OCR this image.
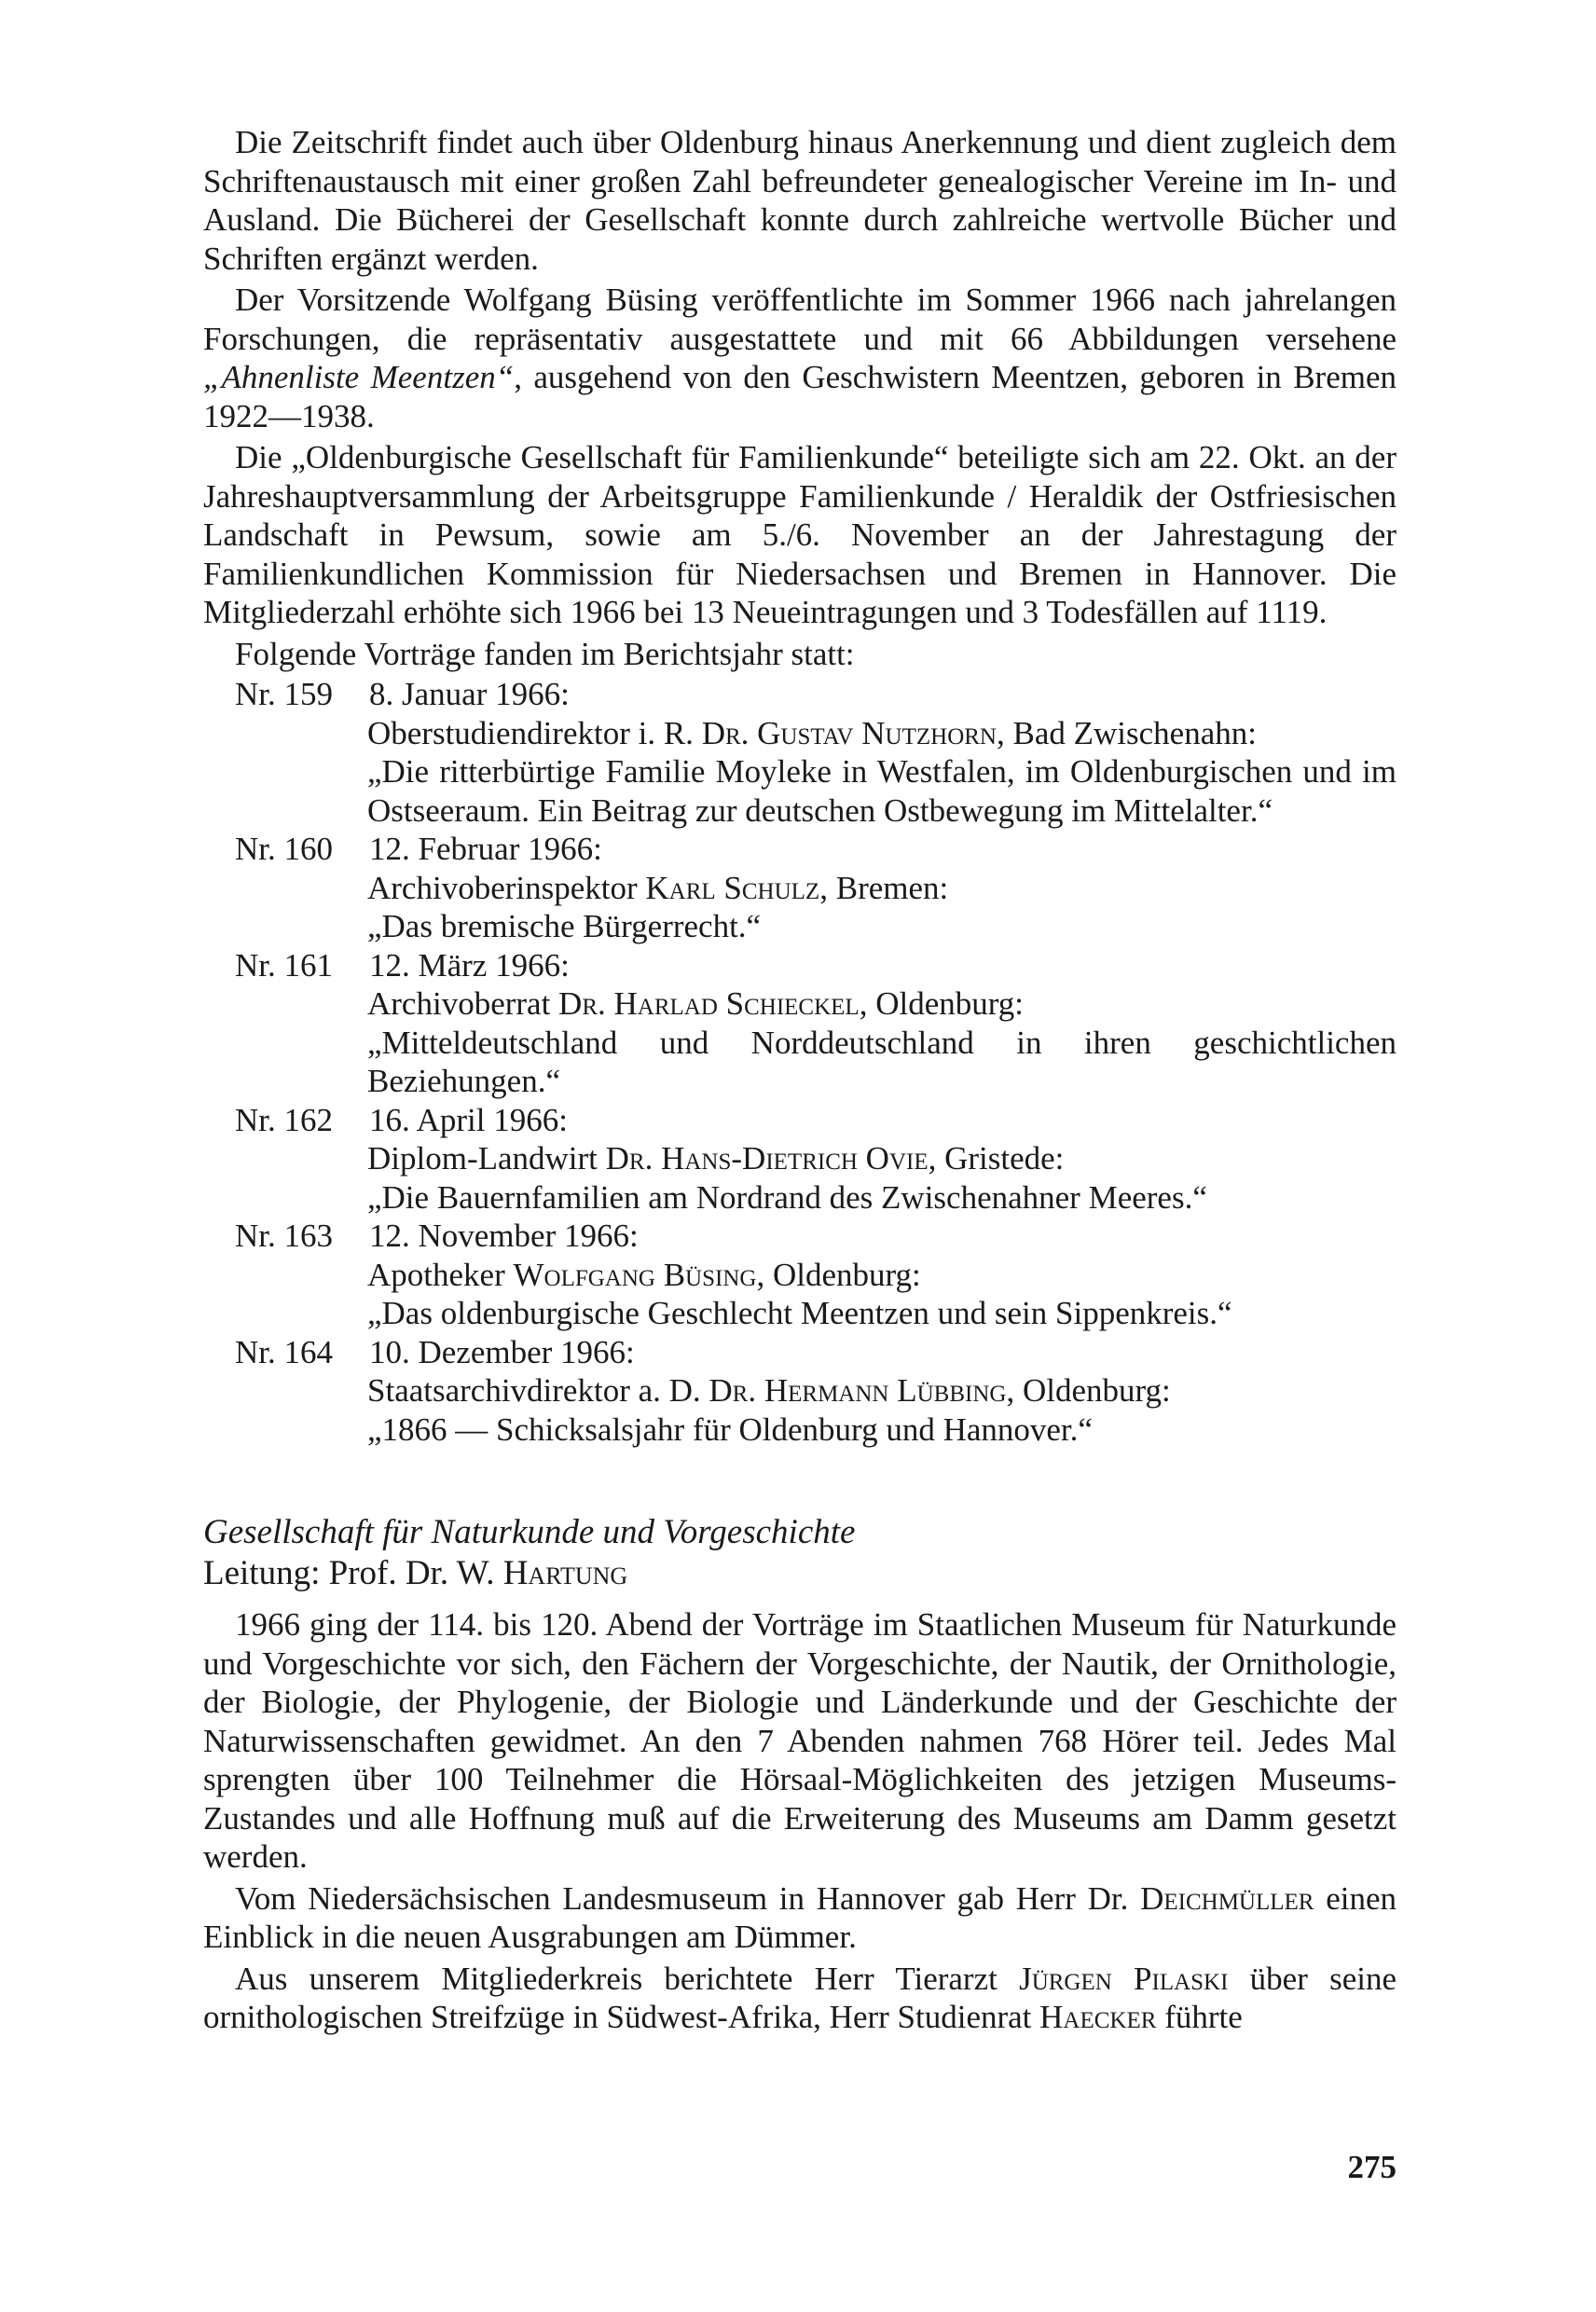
Die Zeitschrift findet auch über Oldenburg hinaus Anerkennung und dient zugleich dem Schriftenaustausch mit einer großen Zahl befreundeter genealogischer Vereine im In- und Ausland. Die Bücherei der Gesellschaft konnte durch zahlreiche wertvolle Bücher und Schriften ergänzt werden.

Der Vorsitzende Wolfgang Büsing veröffentlichte im Sommer 1966 nach jahrelangen Forschungen, die repräsentativ ausgestattete und mit 66 Abbildungen versehene „Ahnenliste Meentzen“, ausgehend von den Geschwistern Meentzen, geboren in Bremen 1922—1938.

Die „Oldenburgische Gesellschaft für Familienkunde“ beteiligte sich am 22. Okt. an der Jahreshauptversammlung der Arbeitsgruppe Familienkunde / Heraldik der Ostfriesischen Landschaft in Pewsum, sowie am 5./6. November an der Jahrestagung der Familienkundlichen Kommission für Niedersachsen und Bremen in Hannover. Die Mitgliederzahl erhöhte sich 1966 bei 13 Neueintragungen und 3 Todesfällen auf 1119.

Folgende Vorträge fanden im Berichtsjahr statt:

Nr. 159	8. Januar 1966:
Oberstudiendirektor i. R. Dr. Gustav Nutzhorn, Bad Zwischenahn:
„Die ritterbürtige Familie Moyleke in Westfalen, im Oldenburgischen und im Ostseeraum. Ein Beitrag zur deutschen Ostbewegung im Mittelalter.“
Nr. 160	12. Februar 1966:
Archivoberinspektor Karl Schulz, Bremen:
„Das bremische Bürgerrecht.“
Nr. 161	12. März 1966:
Archivoberrat Dr. Harlad Schieckel, Oldenburg:
„Mitteldeutschland und Norddeutschland in ihren geschichtlichen Beziehungen.“
Nr. 162	16. April 1966:
Diplom-Landwirt Dr. Hans-Dietrich Ovie, Gristede:
„Die Bauernfamilien am Nordrand des Zwischenahner Meeres.“
Nr. 163	12. November 1966:
Apotheker Wolfgang Büsing, Oldenburg:
„Das oldenburgische Geschlecht Meentzen und sein Sippenkreis.“
Nr. 164	10. Dezember 1966:
Staatsarchivdirektor a. D. Dr. Hermann Lübbing, Oldenburg:
„1866 — Schicksalsjahr für Oldenburg und Hannover.“

Gesellschaft für Naturkunde und Vorgeschichte

Leitung: Prof. Dr. W. Hartung

1966 ging der 114. bis 120. Abend der Vorträge im Staatlichen Museum für Naturkunde und Vorgeschichte vor sich, den Fächern der Vorgeschichte, der Nautik, der Ornithologie, der Biologie, der Phylogenie, der Biologie und Länderkunde und der Geschichte der Naturwissenschaften gewidmet. An den 7 Abenden nahmen 768 Hörer teil. Jedes Mal sprengten über 100 Teilnehmer die Hörsaal-Möglichkeiten des jetzigen Museums-Zustandes und alle Hoffnung muß auf die Erweiterung des Museums am Damm gesetzt werden.

Vom Niedersächsischen Landesmuseum in Hannover gab Herr Dr. Deichmüller einen Einblick in die neuen Ausgrabungen am Dümmer.

Aus unserem Mitgliederkreis berichtete Herr Tierarzt Jürgen Pilaski über seine ornithologischen Streifzüge in Südwest-Afrika, Herr Studienrat Haecker führte

275
